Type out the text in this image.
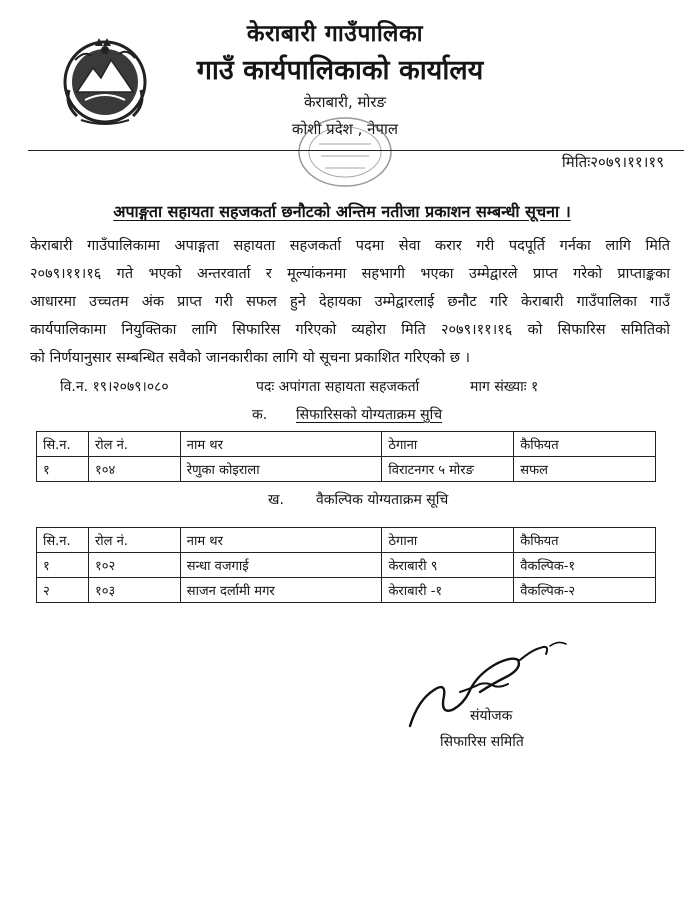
केराबारी गाउँपालिका
गाउँ कार्यपालिकाको कार्यालय
केराबारी, मोरङ
कोशी प्रदेश , नेपाल
मितिः२०७९।११।१९
अपाङ्गता सहायता सहजकर्ता छनौटको अन्तिम नतीजा प्रकाशन सम्बन्धी सूचना ।
केराबारी गाउँपालिकामा अपाङ्गता सहायता सहजकर्ता पदमा सेवा करार गरी पदपूर्ति गर्नका लागि मिति
२०७९।११।१६ गते भएको अन्तरवार्ता र मूल्यांकनमा सहभागी भएका उम्मेद्वारले प्राप्त गरेको प्राप्ताङ्कका
आधारमा उच्चतम अंक प्राप्त गरी सफल हुने देहायका उम्मेद्वारलाई छनौट गरि केराबारी गाउँपालिका गाउँ
कार्यपालिकामा नियुक्तिका लागि सिफारिस गरिएको व्यहोरा मिति २०७९।११।१६ को सिफारिस समितिको
को निर्णयानुसार सम्बन्धित सवैको जानकारीका लागि यो सूचना प्रकाशित गरिएको छ ।
वि.न. १९।२०७९।०८०	पदः अपांगता सहायता सहजकर्ता	माग संख्याः १
क. सिफारिसको योग्यताक्रम सुचि
सि.न.	रोल नं.	नाम थर	ठेगाना	कैफियत
१	१०४	रेणुका कोइराला	विराटनगर ५ मोरङ	सफल
ख. वैकल्पिक योग्यताक्रम सूचि
सि.न.	रोल नं.	नाम थर	ठेगाना	कैफियत
१	१०२	सन्धा वजगाई	केराबारी ९	वैकल्पिक-१
२	१०३	साजन दर्लामी मगर	केराबारी -१	वैकल्पिक-२
संयोजक
सिफारिस समिति
